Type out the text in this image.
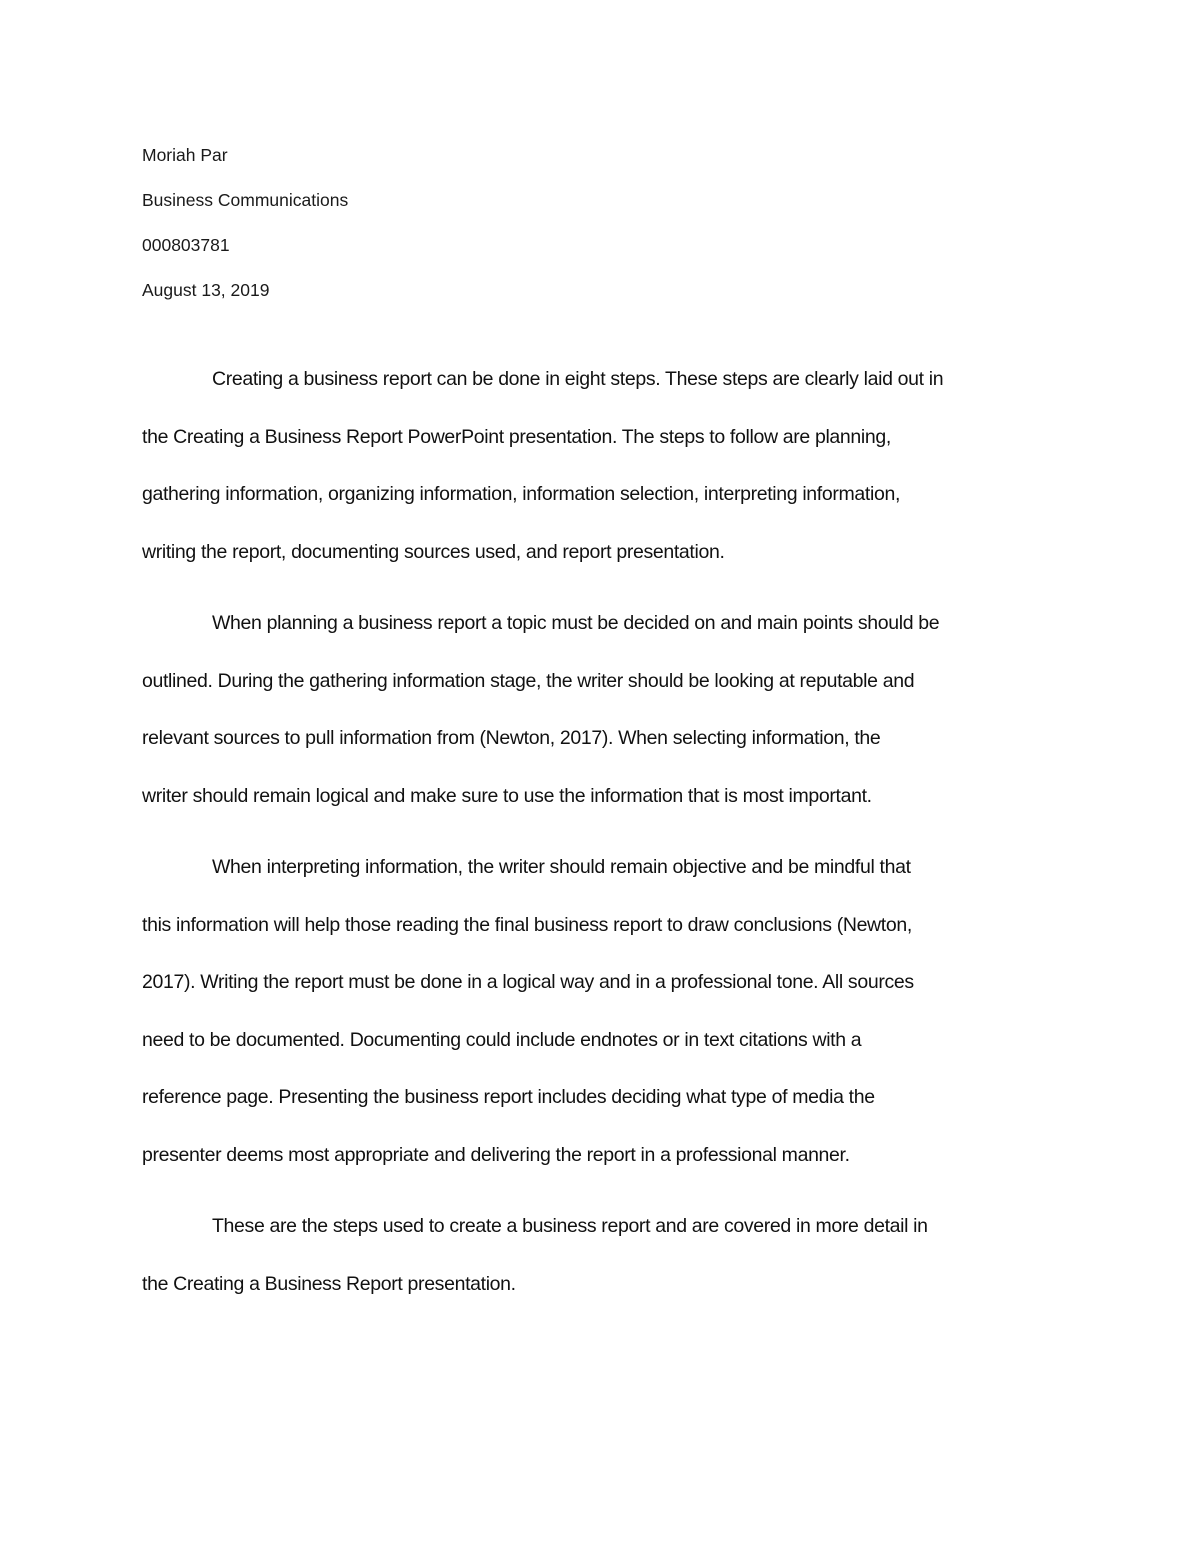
Moriah Par
Business Communications
000803781
August 13, 2019
Creating a business report can be done in eight steps. These steps are clearly laid out in
the Creating a Business Report PowerPoint presentation. The steps to follow are planning,
gathering information, organizing information, information selection, interpreting information,
writing the report, documenting sources used, and report presentation.
When planning a business report a topic must be decided on and main points should be
outlined. During the gathering information stage, the writer should be looking at reputable and
relevant sources to pull information from (Newton, 2017). When selecting information, the
writer should remain logical and make sure to use the information that is most important.
When interpreting information, the writer should remain objective and be mindful that
this information will help those reading the final business report to draw conclusions (Newton,
2017). Writing the report must be done in a logical way and in a professional tone. All sources
need to be documented. Documenting could include endnotes or in text citations with a
reference page. Presenting the business report includes deciding what type of media the
presenter deems most appropriate and delivering the report in a professional manner.
These are the steps used to create a business report and are covered in more detail in
the Creating a Business Report presentation.
